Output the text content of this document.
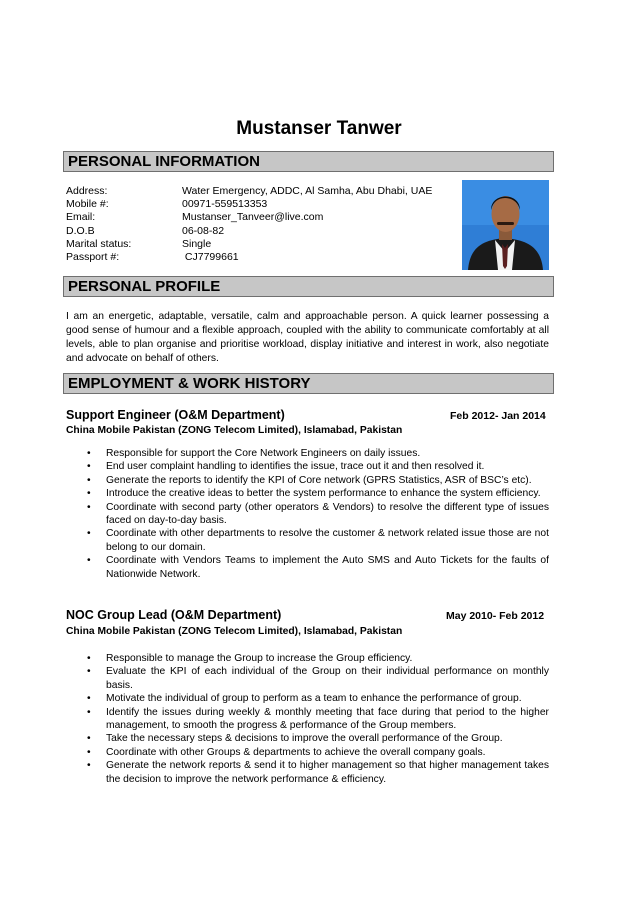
Mustanser Tanwer
PERSONAL INFORMATION
Address:	Water Emergency, ADDC, Al Samha, Abu Dhabi, UAE
Mobile #:	00971-559513353
Email:	Mustanser_Tanveer@live.com
D.O.B	06-08-82
Marital status:	Single
Passport #:	CJ7799661
PERSONAL PROFILE
I am an energetic, adaptable, versatile, calm and approachable person. A quick learner possessing a good sense of humour and a flexible approach, coupled with the ability to communicate comfortably at all levels, able to plan organise and prioritise workload, display initiative and interest in work, also negotiate and advocate on behalf of others.
EMPLOYMENT & WORK HISTORY
Support Engineer (O&M Department)	Feb 2012- Jan 2014
China Mobile Pakistan (ZONG Telecom Limited), Islamabad, Pakistan
• Responsible for support the Core Network Engineers on daily issues.
• End user complaint handling to identifies the issue, trace out it and then resolved it.
• Generate the reports to identify the KPI of Core network (GPRS Statistics, ASR of BSC’s etc).
• Introduce the creative ideas to better the system performance to enhance the system efficiency.
• Coordinate with second party (other operators & Vendors) to resolve the different type of issues faced on day-to-day basis.
• Coordinate with other departments to resolve the customer & network related issue those are not belong to our domain.
• Coordinate with Vendors Teams to implement the Auto SMS and Auto Tickets for the faults of Nationwide Network.
NOC Group Lead (O&M Department)	May 2010- Feb 2012
China Mobile Pakistan (ZONG Telecom Limited), Islamabad, Pakistan
• Responsible to manage the Group to increase the Group efficiency.
• Evaluate the KPI of each individual of the Group on their individual performance on monthly basis.
• Motivate the individual of group to perform as a team to enhance the performance of group.
• Identify the issues during weekly & monthly meeting that face during that period to the higher management, to smooth the progress & performance of the Group members.
• Take the necessary steps & decisions to improve the overall performance of the Group.
• Coordinate with other Groups & departments to achieve the overall company goals.
• Generate the network reports & send it to higher management so that higher management takes the decision to improve the network performance & efficiency.
